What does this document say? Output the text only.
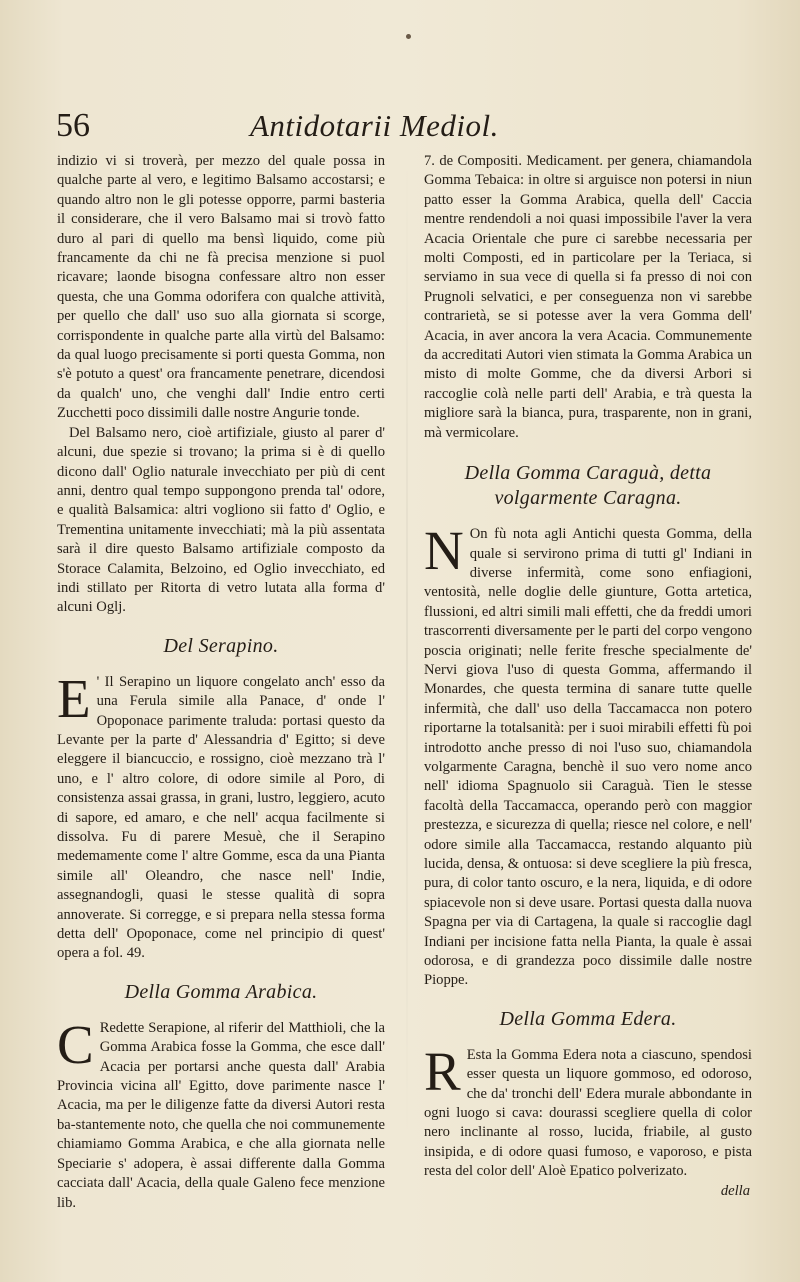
56	Antidotarii Mediol.

indizio vi si troverà, per mezzo del quale possa in qualche parte al vero, e legitimo Balsamo accostarsi; e quando altro non le gli potesse opporre, parmi basteria il considerare, che il vero Balsamo mai si trovò fatto duro al pari di quello ma bensì liquido, come più francamente da chi ne fà precisa menzione si puol ricavare; laonde bisogna confessare altro non esser questa, che una Gomma odorifera con qualche attività, per quello che dall' uso suo alla giornata si scorge, corrispondente in qualche parte alla virtù del Balsamo: da qual luogo precisamente si porti questa Gomma, non s'è potuto a quest' ora francamente penetrare, dicendosi da qualch' uno, che venghi dall' Indie entro certi Zucchetti poco dissimili dalle nostre Angurie tonde.

Del Balsamo nero, cioè artifiziale, giusto al parer d' alcuni, due spezie si trovano; la prima si è di quello dicono dall' Oglio naturale invecchiato per più di cent anni, dentro qual tempo suppongono prenda tal' odore, e qualità Balsamica: altri vogliono sii fatto d' Oglio, e Trementina unitamente invecchiati; mà la più assentata sarà il dire questo Balsamo artifiziale composto da Storace Calamita, Belzoino, ed Oglio invecchiato, ed indi stillato per Ritorta di vetro lutata alla forma d' alcuni Oglj.

Del Serapino.

E ' Il Serapino un liquore congelato anch' esso da una Ferula simile alla Panace, d' onde l' Opoponace parimente traluda: portasi questo da Levante per la parte d' Alessandria d' Egitto; si deve eleggere il biancuccio, e rossigno, cioè mezzano trà l' uno, e l' altro colore, di odore simile al Poro, di consistenza assai grassa, in grani, lustro, leggiero, acuto di sapore, ed amaro, e che nell' acqua facilmente si dissolva. Fu di parere Mesuè, che il Serapino medemamente come l' altre Gomme, esca da una Pianta simile all' Oleandro, che nasce nell' Indie, assegnandogli, quasi le stesse qualità di sopra annoverate. Si corregge, e si prepara nella stessa forma detta dell' Opoponace, come nel principio di quest' opera a fol. 49.

Della Gomma Arabica.

C Redette Serapione, al riferir del Matthioli, che la Gomma Arabica fosse la Gomma, che esce dall' Acacia per portarsi anche questa dall' Arabia Provincia vicina all' Egitto, dove parimente nasce l' Acacia, ma per le diligenze fatte da diversi Autori resta ba-stantemente noto, che quella che noi communemente chiamiamo Gomma Arabica, e che alla giornata nelle Speciarie s' adopera, è assai differente dalla Gomma cacciata dall' Acacia, della quale Galeno fece menzione lib.

7. de Compositi. Medicament. per genera, chiamandola Gomma Tebaica: in oltre si arguisce non potersi in niun patto esser la Gomma Arabica, quella dell' Caccia mentre rendendoli a noi quasi impossibile l'aver la vera Acacia Orientale che pure ci sarebbe necessaria per molti Composti, ed in particolare per la Teriaca, si serviamo in sua vece di quella si fa presso di noi con Prugnoli selvatici, e per conseguenza non vi sarebbe contrarietà, se si potesse aver la vera Gomma dell' Acacia, in aver ancora la vera Acacia. Communemente da accreditati Autori vien stimata la Gomma Arabica un misto di molte Gomme, che da diversi Arbori si raccoglie colà nelle parti dell' Arabia, e trà questa la migliore sarà la bianca, pura, trasparente, non in grani, mà vermicolare.

Della Gomma Caraguà, detta volgarmente Caragna.

N On fù nota agli Antichi questa Gomma, della quale si servirono prima di tutti gl' Indiani in diverse infermità, come sono enfiagioni, ventosità, nelle doglie delle giunture, Gotta artetica, flussioni, ed altri simili mali effetti, che da freddi umori trascorrenti diversamente per le parti del corpo vengono poscia originati; nelle ferite fresche specialmente de' Nervi giova l'uso di questa Gomma, affermando il Monardes, che questa termina di sanare tutte quelle infermità, che dall' uso della Taccamacca non potero riportarne la totalsanità: per i suoi mirabili effetti fù poi introdotto anche presso di noi l'uso suo, chiamandola volgarmente Caragna, benchè il suo vero nome anco nell' idioma Spagnuolo sii Caraguà. Tien le stesse facoltà della Taccamacca, operando però con maggior prestezza, e sicurezza di quella; riesce nel colore, e nell' odore simile alla Taccamacca, restando alquanto più lucida, densa, & ontuosa: si deve scegliere la più fresca, pura, di color tanto oscuro, e la nera, liquida, e di odore spiacevole non si deve usare. Portasi questa dalla nuova Spagna per via di Cartagena, la quale si raccoglie dagl Indiani per incisione fatta nella Pianta, la quale è assai odorosa, e di grandezza poco dissimile dalle nostre Pioppe.

Della Gomma Edera.

R Esta la Gomma Edera nota a ciascuno, spendosi esser questa un liquore gommoso, ed odoroso, che da' tronchi dell' Edera murale abbondante in ogni luogo si cava: dourassi scegliere quella di color nero inclinante al rosso, lucida, friabile, al gusto insipida, e di odore quasi fumoso, e vaporoso, e pista resta del color dell' Aloè Epatico polverizato.

della
